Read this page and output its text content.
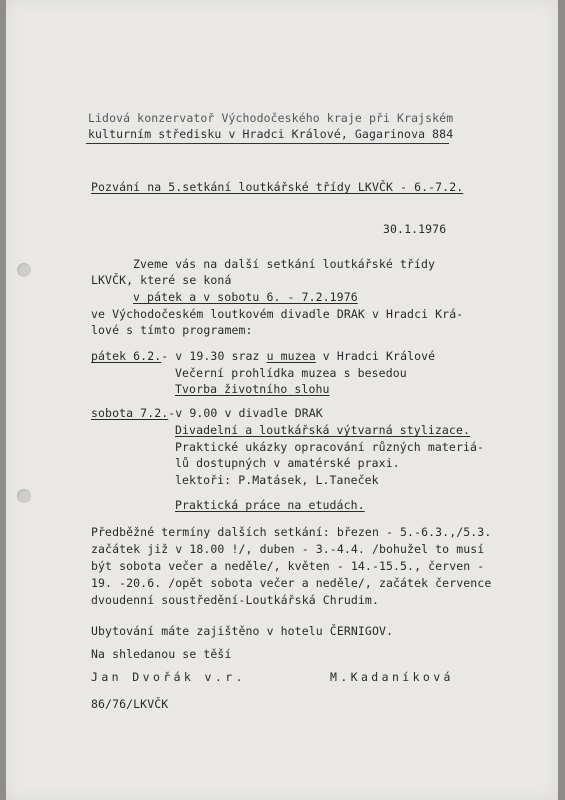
Lidová konzervatoř Východočeského kraje při Krajském
kulturním středisku v Hradci Králové, Gagarinova 884
Pozvání na 5.setkání loutkářské třídy LKVČK - 6.-7.2.
30.1.1976
Zveme vás na další setkání loutkářské třídy
LKVČK, které se koná
v pátek a v sobotu 6. - 7.2.1976
ve Východočeském loutkovém divadle DRAK v Hradci Krá-
lové s tímto programem:
pátek 6.2.- v 19.30 sraz u muzea v Hradci Králové
Večerní prohlídka muzea s besedou
Tvorba životního slohu
sobota 7.2.-v 9.00 v divadle DRAK
Divadelní a loutkářská výtvarná stylizace.
Praktické ukázky opracování různých materiá-
lů dostupných v amatérské praxi.
lektoři: P.Matásek, L.Taneček
Praktická práce na etudách.
Předběžné termíny dalších setkání: březen - 5.-6.3.,/5.3.
začátek již v 18.00 !/, duben - 3.-4.4. /bohužel to musí
být sobota večer a neděle/, květen - 14.-15.5., červen -
19. -20.6. /opět sobota večer a neděle/, začátek července
dvoudenní soustředění-Loutkářská Chrudim.
Ubytování máte zajištěno v hotelu ČERNIGOV.
Na shledanou se těší
Jan Dvořák v.r.	M.Kadaníková
86/76/LKVČK
